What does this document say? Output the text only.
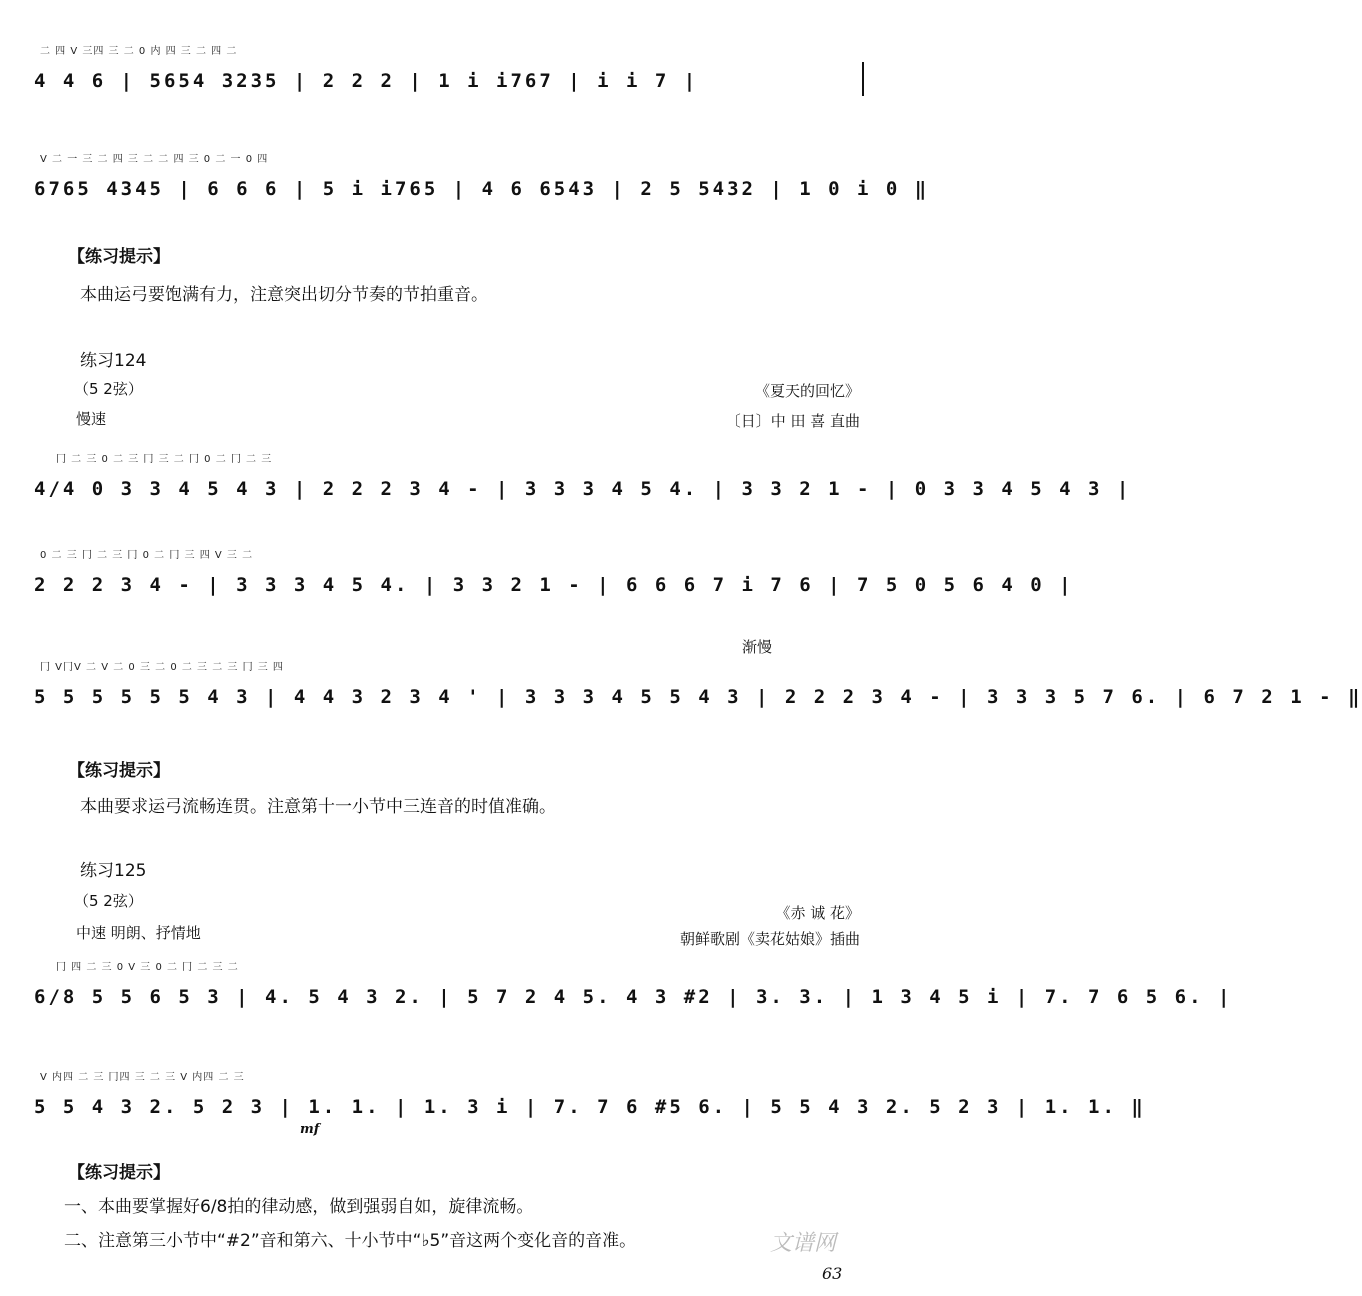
二 四 V 三四 三 二 0 内 四 三 二 四 二
4 4 6 | 5654 3235 | 2 2 2 | 1 i i767 | i i 7 |
V 二 一 三 二 四 三 二 二 四 三 0 二 一 0 四
6765 4345 | 6 6 6 | 5 i i765 | 4 6 6543 | 2 5 5432 | 1 0 i 0 ‖
【练习提示】
本曲运弓要饱满有力，注意突出切分节奏的节拍重音。
练习124
（5 2弦）
慢速
《夏天的回忆》
〔日〕中 田 喜 直曲
冂 二 三 0 二 三 冂 三 二 冂 0 二 冂 二 三
4/4 0 3 3 4 5 4 3 | 2 2 2 3 4 - | 3 3 3 4 5 4. | 3 3 2 1 - | 0 3 3 4 5 4 3 |
0 二 三 冂 二 三 冂 0 二 冂 三 四 V 三 二
2 2 2 3 4 - | 3 3 3 4 5 4. | 3 3 2 1 - | 6 6 6 7 i 7 6 | 7 5 0 5 6 4 0 |
渐慢
冂 V冂V 二 V 二 0 三 二 0 二 三 二 三 冂 三 四
5 5 5 5 5 5 4 3 | 4 4 3 2 3 4 ' | 3 3 3 4 5 5 4 3 | 2 2 2 3 4 - | 3 3 3 5 7 6. | 6 7 2 1 - ‖
【练习提示】
本曲要求运弓流畅连贯。注意第十一小节中三连音的时值准确。
练习125
（5 2弦）
中速 明朗、抒情地
《赤 诚 花》
朝鲜歌剧《卖花姑娘》插曲
冂 四 二 三 0 V 三 0 二 冂 二 三 二
6/8 5 5 6 5 3 | 4. 5 4 3 2. | 5 7 2 4 5. 4 3 #2 | 3. 3. | 1 3 4 5 i | 7. 7 6 5 6. |
V 内四 二 三 冂四 三 二 三 V 内四 二 三
5 5 4 3 2. 5 2 3 | 1. 1. | 1. 3 i | 7. 7 6 #5 6. | 5 5 4 3 2. 5 2 3 | 1. 1. ‖
mf
【练习提示】
一、本曲要掌握好6/8拍的律动感，做到强弱自如，旋律流畅。
二、注意第三小节中“#2”音和第六、十小节中“♭5”音这两个变化音的音准。
63
文谱网
